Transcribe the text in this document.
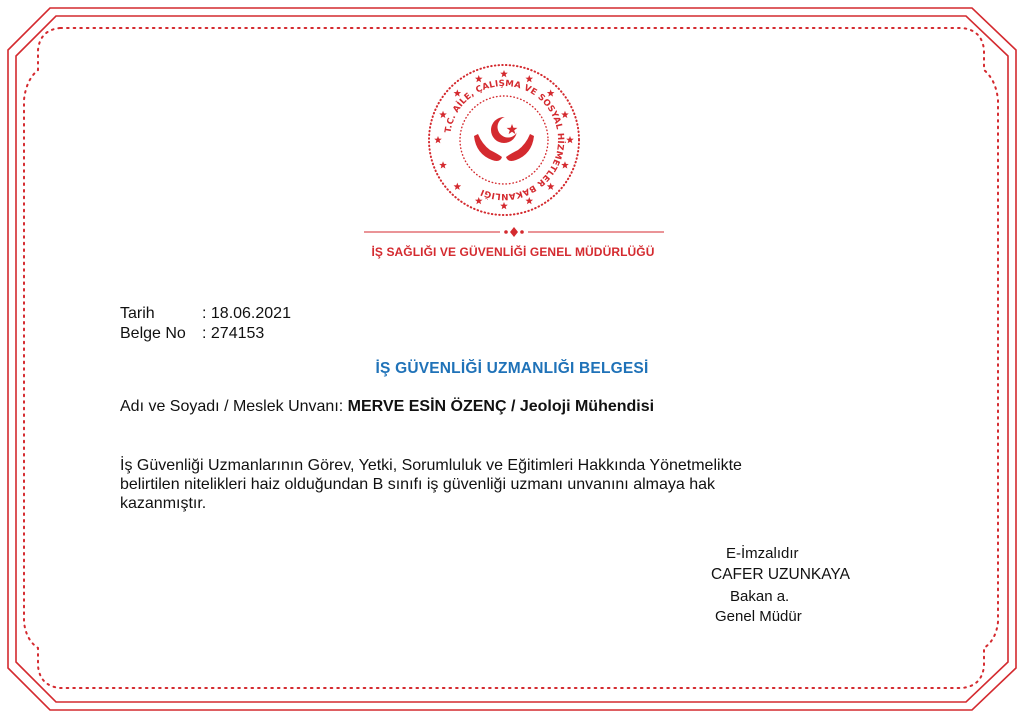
T.C. AİLE, ÇALIŞMA VE SOSYAL HİZMETLER BAKANLIĞI
İŞ SAĞLIĞI VE GÜVENLİĞİ GENEL MÜDÜRLÜĞÜ
Tarih	: 18.06.2021
Belge No	: 274153
İŞ GÜVENLİĞİ UZMANLIĞI BELGESİ
Adı ve Soyadı / Meslek Unvanı: MERVE ESİN ÖZENÇ / Jeoloji Mühendisi
İş Güvenliği Uzmanlarının Görev, Yetki, Sorumluluk ve Eğitimleri Hakkında Yönetmelikte
belirtilen nitelikleri haiz olduğundan B sınıfı iş güvenliği uzmanı unvanını almaya hak
kazanmıştır.
E-İmzalıdır
CAFER UZUNKAYA
Bakan a.
Genel Müdür
